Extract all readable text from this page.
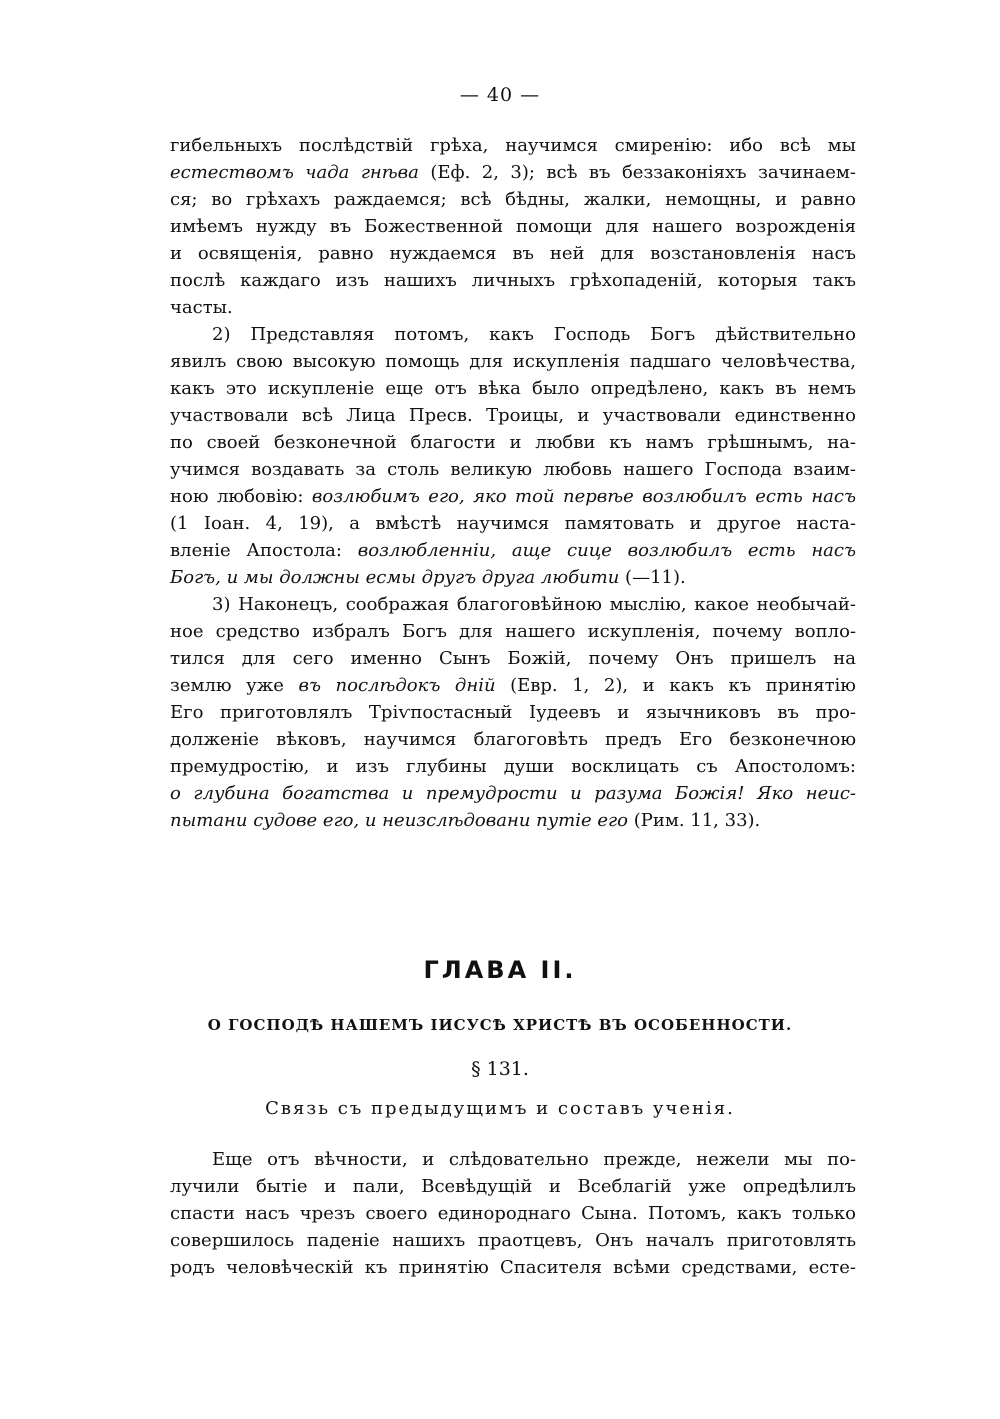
— 40 —

гибельныхъ послѣдствій грѣха, научимся смиренію: ибо всѣ мы
естествомъ чада гнѣва (Еф. 2, 3); всѣ въ беззаконіяхъ зачинаем-
ся; во грѣхахъ раждаемся; всѣ бѣдны, жалки, немощны, и равно
имѣемъ нужду въ Божественной помощи для нашего возрожденія
и освященія, равно нуждаемся въ ней для возстановленія насъ
послѣ каждаго изъ нашихъ личныхъ грѣхопаденій, которыя такъ
часты.

2) Представляя потомъ, какъ Господь Богъ дѣйствительно
явилъ свою высокую помощь для искупленія падшаго человѣчества,
какъ это искупленіе еще отъ вѣка было опредѣлено, какъ въ немъ
участвовали всѣ Лица Пресв. Троицы, и участвовали единственно
по своей безконечной благости и любви къ намъ грѣшнымъ, на-
учимся воздавать за столь великую любовь нашего Господа взаим-
ною любовію: возлюбимъ его, яко той первѣе возлюбилъ есть насъ
(1 Іоан. 4, 19), а вмѣстѣ научимся памятовать и другое наста-
вленіе Апостола: возлюбленніи, аще сице возлюбилъ есть насъ
Богъ, и мы должны есмы другъ друга любити (—11).

3) Наконецъ, соображая благоговѣйною мыслію, какое необычай-
ное средство избралъ Богъ для нашего искупленія, почему вопло-
тился для сего именно Сынъ Божій, почему Онъ пришелъ на
землю уже въ послѣдокъ дній (Евр. 1, 2), и какъ къ принятію
Его приготовлялъ Тріѵпостасный Іудеевъ и язычниковъ въ про-
долженіе вѣковъ, научимся благоговѣть предъ Его безконечною
премудростію, и изъ глубины души восклицать съ Апостоломъ:
о глубина богатства и премудрости и разума Божія! Яко неис-
пытани судове его, и неизслѣдовани путіе его (Рим. 11, 33).

ГЛАВА II.
О ГОСПОДѢ НАШЕМЪ ІИСУСѢ ХРИСТѢ ВЪ ОСОБЕННОСТИ.
§ 131.
Связь съ предыдущимъ и составъ ученія.

Еще отъ вѣчности, и слѣдовательно прежде, нежели мы по-
лучили бытіе и пали, Всевѣдущій и Всеблагій уже опредѣлилъ
спасти насъ чрезъ своего единороднаго Сына. Потомъ, какъ только
совершилось паденіе нашихъ праотцевъ, Онъ началъ приготовлять
родъ человѣческій къ принятію Спасителя всѣми средствами, есте-
